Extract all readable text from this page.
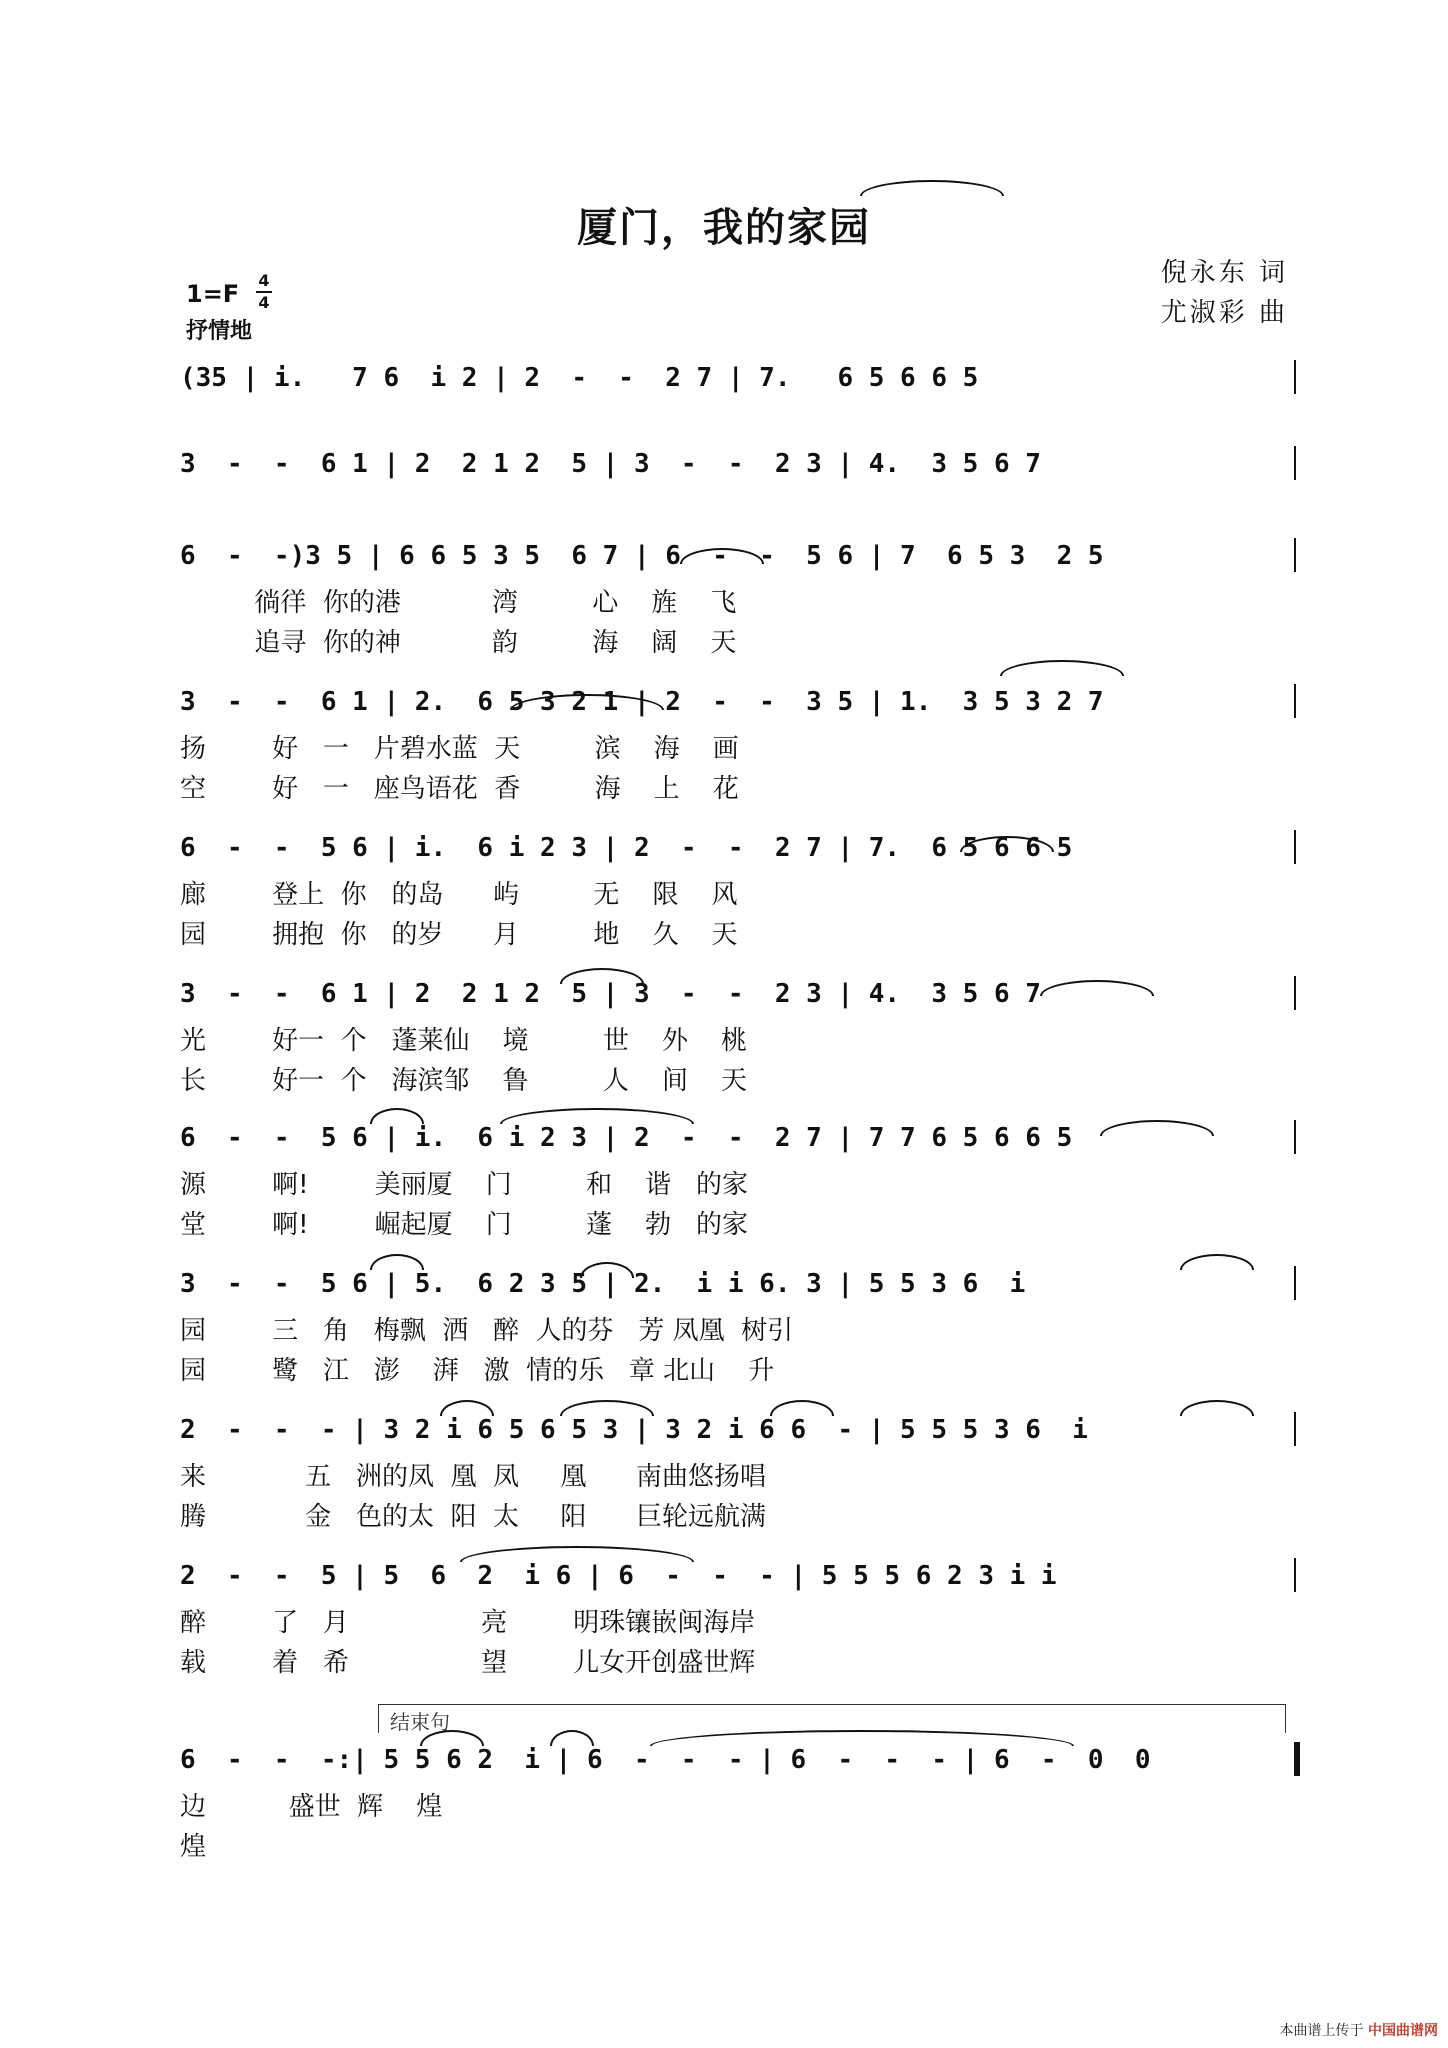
厦门，我的家园
倪永东 词
尤淑彩 曲
1=F 4
4
抒情地
(35 | i.   7 6  i 2 | 2  -  -  2 7 | 7.   6 5 6 6 5
3  -  -  6 1 | 2  2 1 2  5 | 3  -  -  2 3 | 4.  3 5 6 7
6  -  -)3 5 | 6 6 5 3 5  6 7 | 6  -  -  5 6 | 7  6 5 3  2 5
徜徉  你的港           湾         心    旌    飞
追寻  你的神           韵         海    阔    天
3  -  -  6 1 | 2.  6 5 3 2 1 | 2  -  -  3 5 | 1.  3 5 3 2 7
扬        好   一   片碧水蓝  天         滨    海    画
空        好   一   座鸟语花  香         海    上    花
6  -  -  5 6 | i.  6 i 2 3 | 2  -  -  2 7 | 7.  6 5 6 6 5
廊        登上  你   的岛      屿         无    限    风
园        拥抱  你   的岁      月         地    久    天
3  -  -  6 1 | 2  2 1 2  5 | 3  -  -  2 3 | 4.  3 5 6 7
光        好一  个   蓬莱仙    境         世    外    桃
长        好一  个   海滨邹    鲁         人    间    天
6  -  -  5 6 | i.  6 i 2 3 | 2  -  -  2 7 | 7 7 6 5 6 6 5
源        啊!        美丽厦    门         和    谐   的家
堂        啊!        崛起厦    门         蓬    勃   的家
3  -  -  5 6 | 5.  6 2 3 5 | 2.  i i 6. 3 | 5 5 3 6  i
园        三   角   梅飘  洒   醉  人的芬   芳 凤凰  树引
园        鹭   江   澎    湃   激  情的乐   章 北山    升
2  -  -  - | 3 2 i 6 5 6 5 3 | 3 2 i 6 6  - | 5 5 5 3 6  i
来            五   洲的凤  凰  凤     凰      南曲悠扬唱
腾            金   色的太  阳  太     阳      巨轮远航满
2  -  -  5 | 5  6  2  i 6 | 6  -  -  - | 5 5 5 6 2 3 i i
醉        了   月                亮        明珠镶嵌闽海岸
载        着   希                望        儿女开创盛世辉
6  -  -  -:| 5 5 6 2  i | 6  -  -  - | 6  -  -  - | 6  -  0  0
边          盛世  辉    煌
煌
结束句
本曲谱上传于 中国曲谱网
